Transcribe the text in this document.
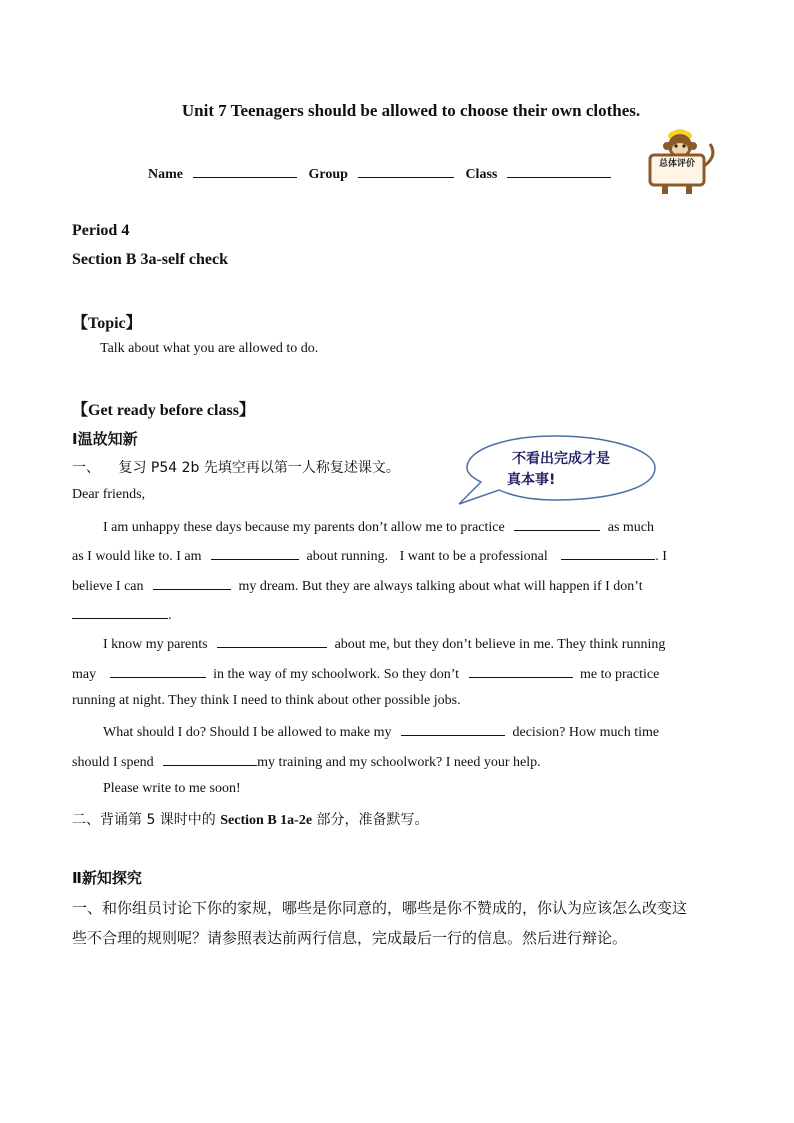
Unit 7 Teenagers should be allowed to choose their own clothes.
Name	Group	Class
总体评价
Period 4
Section B 3a-self check
【Topic】
Talk about what you are allowed to do.
【Get ready before class】
Ⅰ温故知新
一、 复习 P54 2b 先填空再以第一人称复述课文。
不看出完成才是
真本事!
Dear friends,
I am unhappy these days because my parents don’t allow me to practice	as much
as I would like to. I am	about running. I want to be a professional	. I
believe I can	my dream. But they are always talking about what will happen if I don’t
.
I know my parents	about me, but they don’t believe in me. They think running
may	in the way of my schoolwork. So they don’t	me to practice
running at night. They think I need to think about other possible jobs.
What should I do? Should I be allowed to make my	decision? How much time
should I spend	my training and my schoolwork? I need your help.
Please write to me soon!
二、背诵第 5 课时中的 Section B 1a-2e 部分，准备默写。
Ⅱ新知探究
一、和你组员讨论下你的家规，哪些是你同意的，哪些是你不赞成的，你认为应该怎么改变这
些不合理的规则呢？请参照表达前两行信息，完成最后一行的信息。然后进行辩论。
